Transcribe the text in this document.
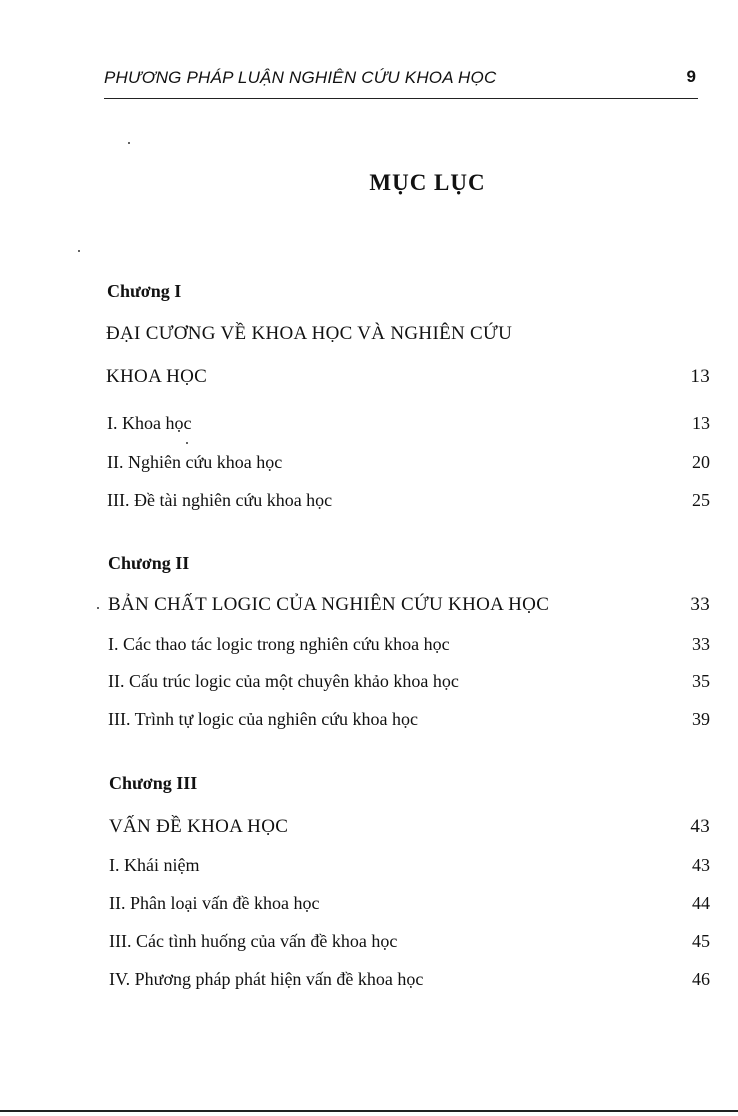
PHƯƠNG PHÁP LUẬN NGHIÊN CỨU KHOA HỌC	9
MỤC LỤC
Chương I
ĐẠI CƯƠNG VỀ KHOA HỌC VÀ NGHIÊN CỨU
KHOA HỌC	13
I. Khoa học	13
II. Nghiên cứu khoa học	20
III. Đề tài nghiên cứu khoa học	25
Chương II
BẢN CHẤT LOGIC CỦA NGHIÊN CỨU KHOA HỌC	33
I. Các thao tác logic trong nghiên cứu khoa học	33
II. Cấu trúc logic của một chuyên khảo khoa học	35
III. Trình tự logic của nghiên cứu khoa học	39
Chương III
VẤN ĐỀ KHOA HỌC	43
I. Khái niệm	43
II. Phân loại vấn đề khoa học	44
III. Các tình huống của vấn đề khoa học	45
IV. Phương pháp phát hiện vấn đề khoa học	46
